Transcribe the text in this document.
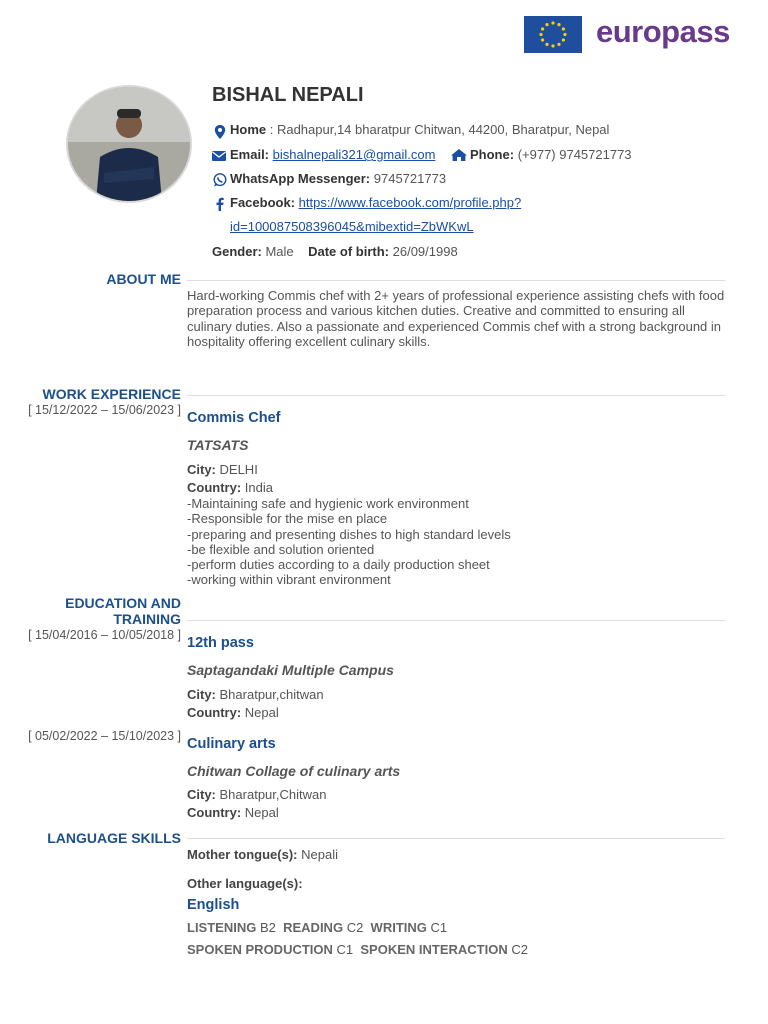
europass
BISHAL NEPALI
Home : Radhapur,14 bharatpur Chitwan, 44200, Bharatpur, Nepal
Email: bishalnepali321@gmail.com	Phone: (+977) 9745721773
WhatsApp Messenger: 9745721773
Facebook: https://www.facebook.com/profile.php?
id=100087508396045&mibextid=ZbWKwL
Gender: Male Date of birth: 26/09/1998
ABOUT ME
Hard-working Commis chef with 2+ years of professional experience assisting chefs with food preparation process and various kitchen duties. Creative and committed to ensuring all culinary duties. Also a passionate and experienced Commis chef with a strong background in hospitality offering excellent culinary skills.
WORK EXPERIENCE
[ 15/12/2022 – 15/06/2023 ] Commis Chef
TATSATS
City: DELHI
Country: India
-Maintaining safe and hygienic work environment
-Responsible for the mise en place
-preparing and presenting dishes to high standard levels
-be flexible and solution oriented
-perform duties according to a daily production sheet
-working within vibrant environment
EDUCATION AND
TRAINING
[ 15/04/2016 – 10/05/2018 ] 12th pass
Saptagandaki Multiple Campus
City: Bharatpur,chitwan
Country: Nepal
[ 05/02/2022 – 15/10/2023 ] Culinary arts
Chitwan Collage of culinary arts
City: Bharatpur,Chitwan
Country: Nepal
LANGUAGE SKILLS
Mother tongue(s): Nepali
Other language(s):
English
LISTENING B2 READING C2 WRITING C1
SPOKEN PRODUCTION C1 SPOKEN INTERACTION C2
